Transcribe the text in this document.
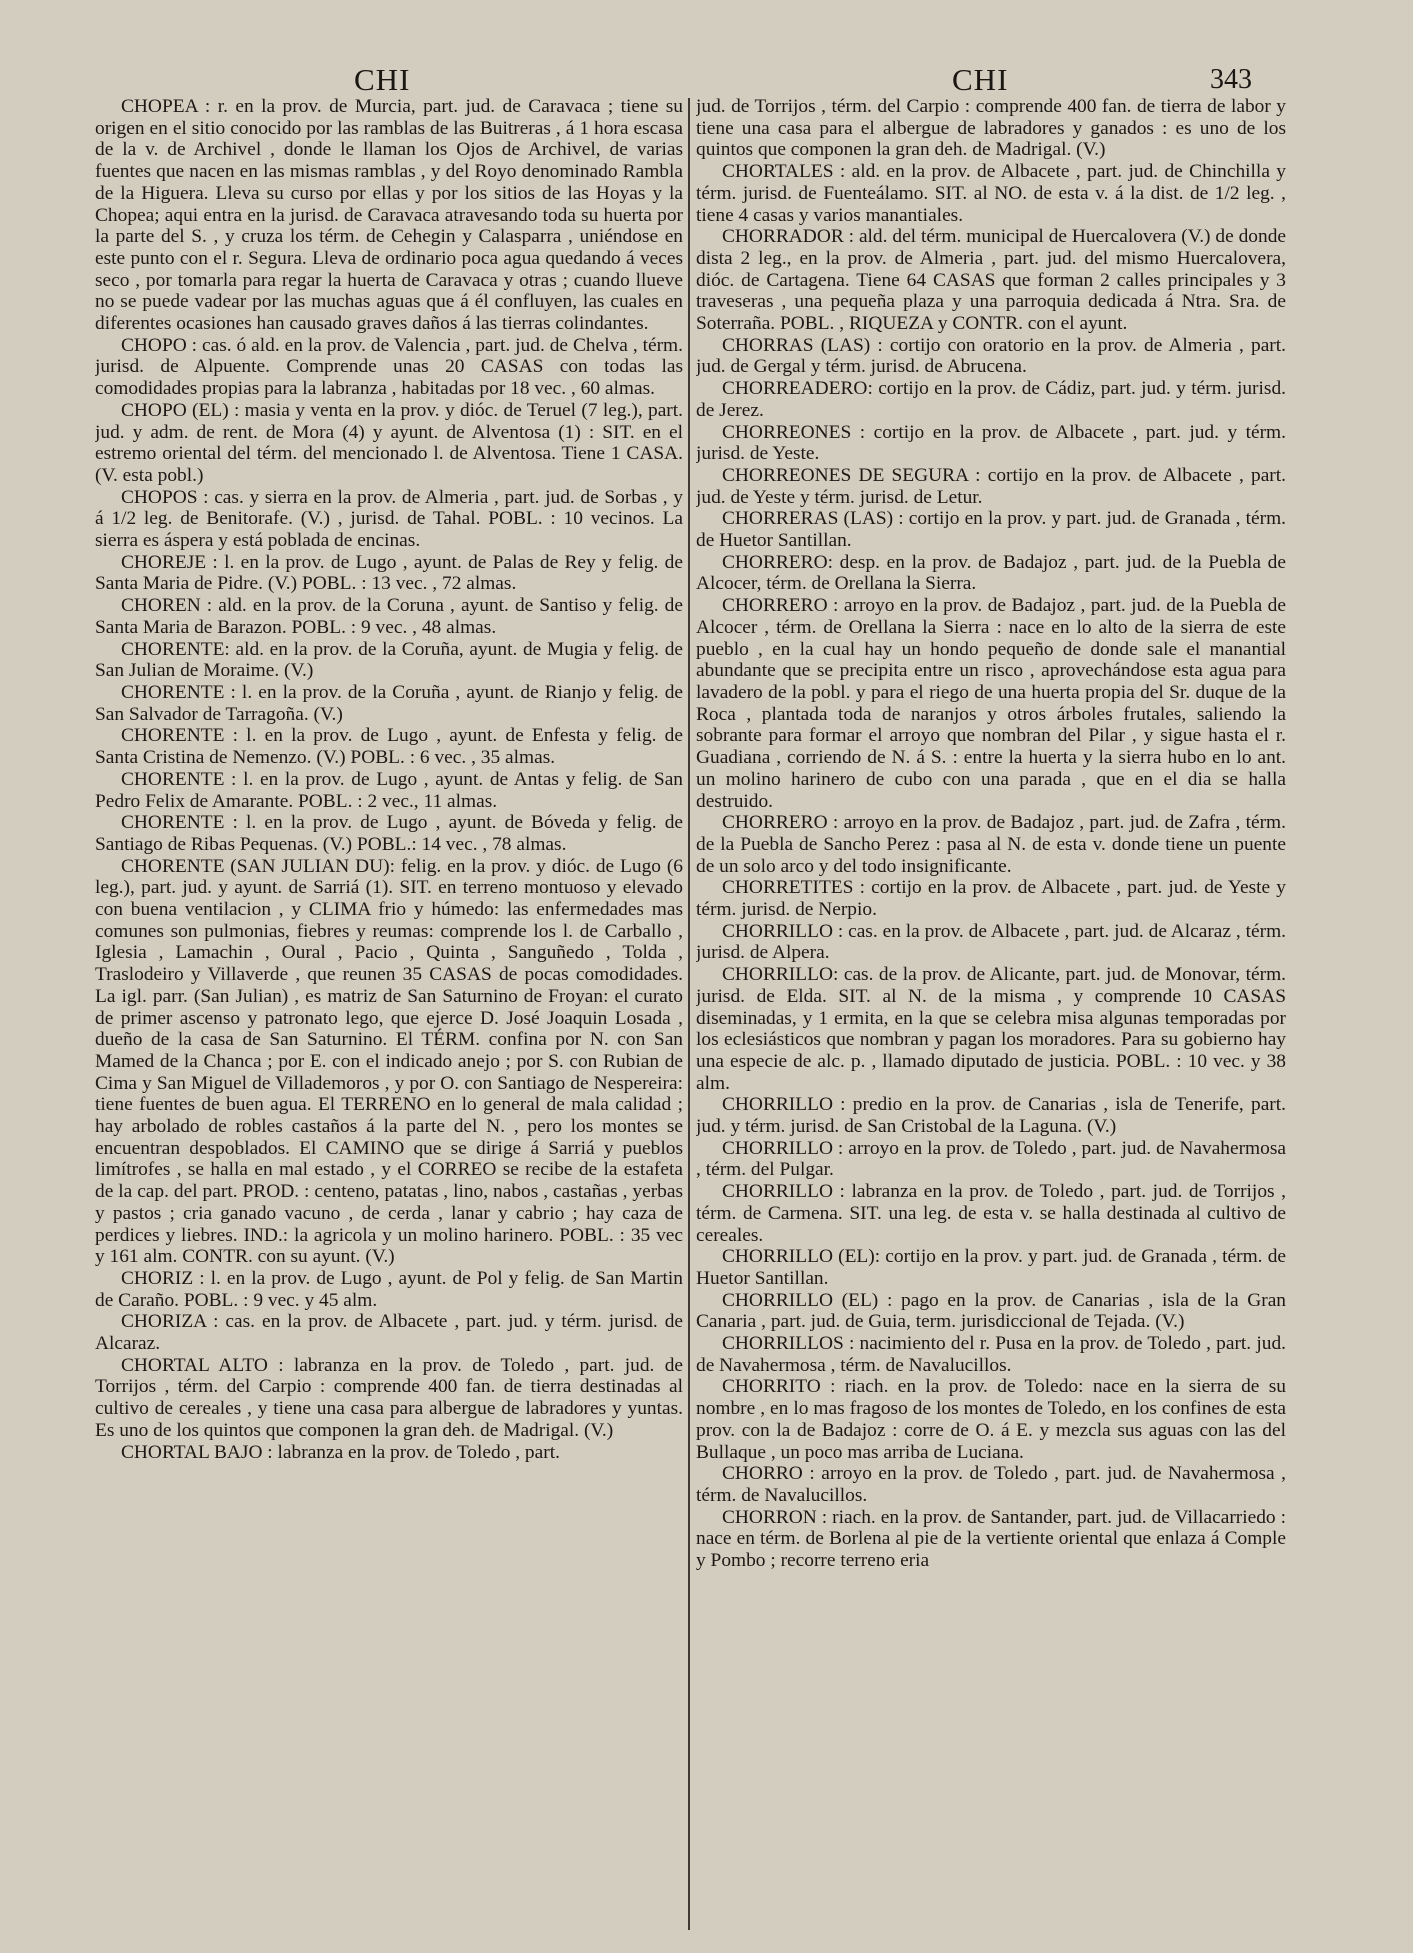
CHI	CHI	343

CHOPEA : r. en la prov. de Murcia, part. jud. de Caravaca ; tiene su origen en el sitio conocido por las ramblas de las Buitreras , á 1 hora escasa de la v. de Archivel , donde le llaman los Ojos de Archivel, de varias fuentes que nacen en las mismas ramblas , y del Royo denominado Rambla de la Higuera. Lleva su curso por ellas y por los sitios de las Hoyas y la Chopea; aqui entra en la jurisd. de Caravaca atravesando toda su huerta por la parte del S. , y cruza los térm. de Cehegin y Calasparra , uniéndose en este punto con el r. Segura. Lleva de ordinario poca agua quedando á veces seco , por tomarla para regar la huerta de Caravaca y otras ; cuando llueve no se puede vadear por las muchas aguas que á él confluyen, las cuales en diferentes ocasiones han causado graves daños á las tierras colindantes.

CHOPO : cas. ó ald. en la prov. de Valencia , part. jud. de Chelva , térm. jurisd. de Alpuente. Comprende unas 20 CASAS con todas las comodidades propias para la labranza , habitadas por 18 vec. , 60 almas.

CHOPO (EL) : masia y venta en la prov. y dióc. de Teruel (7 leg.), part. jud. y adm. de rent. de Mora (4) y ayunt. de Alventosa (1) : SIT. en el estremo oriental del térm. del mencionado l. de Alventosa. Tiene 1 CASA. (V. esta pobl.)

CHOPOS : cas. y sierra en la prov. de Almeria , part. jud. de Sorbas , y á 1/2 leg. de Benitorafe. (V.) , jurisd. de Tahal. POBL. : 10 vecinos. La sierra es áspera y está poblada de encinas.

CHOREJE : l. en la prov. de Lugo , ayunt. de Palas de Rey y felig. de Santa Maria de Pidre. (V.) POBL. : 13 vec. , 72 almas.

CHOREN : ald. en la prov. de la Coruna , ayunt. de Santiso y felig. de Santa Maria de Barazon. POBL. : 9 vec. , 48 almas.

CHORENTE: ald. en la prov. de la Coruña, ayunt. de Mugia y felig. de San Julian de Moraime. (V.)

CHORENTE : l. en la prov. de la Coruña , ayunt. de Rianjo y felig. de San Salvador de Tarragoña. (V.)

CHORENTE : l. en la prov. de Lugo , ayunt. de Enfesta y felig. de Santa Cristina de Nemenzo. (V.) POBL. : 6 vec. , 35 almas.

CHORENTE : l. en la prov. de Lugo , ayunt. de Antas y felig. de San Pedro Felix de Amarante. POBL. : 2 vec., 11 almas.

CHORENTE : l. en la prov. de Lugo , ayunt. de Bóveda y felig. de Santiago de Ribas Pequenas. (V.) POBL.: 14 vec. , 78 almas.

CHORENTE (SAN JULIAN DU): felig. en la prov. y dióc. de Lugo (6 leg.), part. jud. y ayunt. de Sarriá (1). SIT. en terreno montuoso y elevado con buena ventilacion , y CLIMA frio y húmedo: las enfermedades mas comunes son pulmonias, fiebres y reumas: comprende los l. de Carballo , Iglesia , Lamachin , Oural , Pacio , Quinta , Sanguñedo , Tolda , Traslodeiro y Villaverde , que reunen 35 CASAS de pocas comodidades. La igl. parr. (San Julian) , es matriz de San Saturnino de Froyan: el curato de primer ascenso y patronato lego, que ejerce D. José Joaquin Losada , dueño de la casa de San Saturnino. El TÉRM. confina por N. con San Mamed de la Chanca ; por E. con el indicado anejo ; por S. con Rubian de Cima y San Miguel de Villademoros , y por O. con Santiago de Nespereira: tiene fuentes de buen agua. El TERRENO en lo general de mala calidad ; hay arbolado de robles castaños á la parte del N. , pero los montes se encuentran despoblados. El CAMINO que se dirige á Sarriá y pueblos limítrofes , se halla en mal estado , y el CORREO se recibe de la estafeta de la cap. del part. PROD. : centeno, patatas , lino, nabos , castañas , yerbas y pastos ; cria ganado vacuno , de cerda , lanar y cabrio ; hay caza de perdices y liebres. IND.: la agricola y un molino harinero. POBL. : 35 vec y 161 alm. CONTR. con su ayunt. (V.)

CHORIZ : l. en la prov. de Lugo , ayunt. de Pol y felig. de San Martin de Caraño. POBL. : 9 vec. y 45 alm.

CHORIZA : cas. en la prov. de Albacete , part. jud. y térm. jurisd. de Alcaraz.

CHORTAL ALTO : labranza en la prov. de Toledo , part. jud. de Torrijos , térm. del Carpio : comprende 400 fan. de tierra destinadas al cultivo de cereales , y tiene una casa para albergue de labradores y yuntas. Es uno de los quintos que componen la gran deh. de Madrigal. (V.)

CHORTAL BAJO : labranza en la prov. de Toledo , part.

jud. de Torrijos , térm. del Carpio : comprende 400 fan. de tierra de labor y tiene una casa para el albergue de labradores y ganados : es uno de los quintos que componen la gran deh. de Madrigal. (V.)

CHORTALES : ald. en la prov. de Albacete , part. jud. de Chinchilla y térm. jurisd. de Fuenteálamo. SIT. al NO. de esta v. á la dist. de 1/2 leg. , tiene 4 casas y varios manantiales.

CHORRADOR : ald. del térm. municipal de Huercalovera (V.) de donde dista 2 leg., en la prov. de Almeria , part. jud. del mismo Huercalovera, dióc. de Cartagena. Tiene 64 CASAS que forman 2 calles principales y 3 traveseras , una pequeña plaza y una parroquia dedicada á Ntra. Sra. de Soterraña. POBL. , RIQUEZA y CONTR. con el ayunt.

CHORRAS (LAS) : cortijo con oratorio en la prov. de Almeria , part. jud. de Gergal y térm. jurisd. de Abrucena.

CHORREADERO: cortijo en la prov. de Cádiz, part. jud. y térm. jurisd. de Jerez.

CHORREONES : cortijo en la prov. de Albacete , part. jud. y térm. jurisd. de Yeste.

CHORREONES DE SEGURA : cortijo en la prov. de Albacete , part. jud. de Yeste y térm. jurisd. de Letur.

CHORRERAS (LAS) : cortijo en la prov. y part. jud. de Granada , térm. de Huetor Santillan.

CHORRERO: desp. en la prov. de Badajoz , part. jud. de la Puebla de Alcocer, térm. de Orellana la Sierra.

CHORRERO : arroyo en la prov. de Badajoz , part. jud. de la Puebla de Alcocer , térm. de Orellana la Sierra : nace en lo alto de la sierra de este pueblo , en la cual hay un hondo pequeño de donde sale el manantial abundante que se precipita entre un risco , aprovechándose esta agua para lavadero de la pobl. y para el riego de una huerta propia del Sr. duque de la Roca , plantada toda de naranjos y otros árboles frutales, saliendo la sobrante para formar el arroyo que nombran del Pilar , y sigue hasta el r. Guadiana , corriendo de N. á S. : entre la huerta y la sierra hubo en lo ant. un molino harinero de cubo con una parada , que en el dia se halla destruido.

CHORRERO : arroyo en la prov. de Badajoz , part. jud. de Zafra , térm. de la Puebla de Sancho Perez : pasa al N. de esta v. donde tiene un puente de un solo arco y del todo insignificante.

CHORRETITES : cortijo en la prov. de Albacete , part. jud. de Yeste y térm. jurisd. de Nerpio.

CHORRILLO : cas. en la prov. de Albacete , part. jud. de Alcaraz , térm. jurisd. de Alpera.

CHORRILLO: cas. de la prov. de Alicante, part. jud. de Monovar, térm. jurisd. de Elda. SIT. al N. de la misma , y comprende 10 CASAS diseminadas, y 1 ermita, en la que se celebra misa algunas temporadas por los eclesiásticos que nombran y pagan los moradores. Para su gobierno hay una especie de alc. p. , llamado diputado de justicia. POBL. : 10 vec. y 38 alm.

CHORRILLO : predio en la prov. de Canarias , isla de Tenerife, part. jud. y térm. jurisd. de San Cristobal de la Laguna. (V.)

CHORRILLO : arroyo en la prov. de Toledo , part. jud. de Navahermosa , térm. del Pulgar.

CHORRILLO : labranza en la prov. de Toledo , part. jud. de Torrijos , térm. de Carmena. SIT. una leg. de esta v. se halla destinada al cultivo de cereales.

CHORRILLO (EL): cortijo en la prov. y part. jud. de Granada , térm. de Huetor Santillan.

CHORRILLO (EL) : pago en la prov. de Canarias , isla de la Gran Canaria , part. jud. de Guia, term. jurisdiccional de Tejada. (V.)

CHORRILLOS : nacimiento del r. Pusa en la prov. de Toledo , part. jud. de Navahermosa , térm. de Navalucillos.

CHORRITO : riach. en la prov. de Toledo: nace en la sierra de su nombre , en lo mas fragoso de los montes de Toledo, en los confines de esta prov. con la de Badajoz : corre de O. á E. y mezcla sus aguas con las del Bullaque , un poco mas arriba de Luciana.

CHORRO : arroyo en la prov. de Toledo , part. jud. de Navahermosa , térm. de Navalucillos.

CHORRON : riach. en la prov. de Santander, part. jud. de Villacarriedo : nace en térm. de Borlena al pie de la vertiente oriental que enlaza á Comple y Pombo ; recorre terreno eria
